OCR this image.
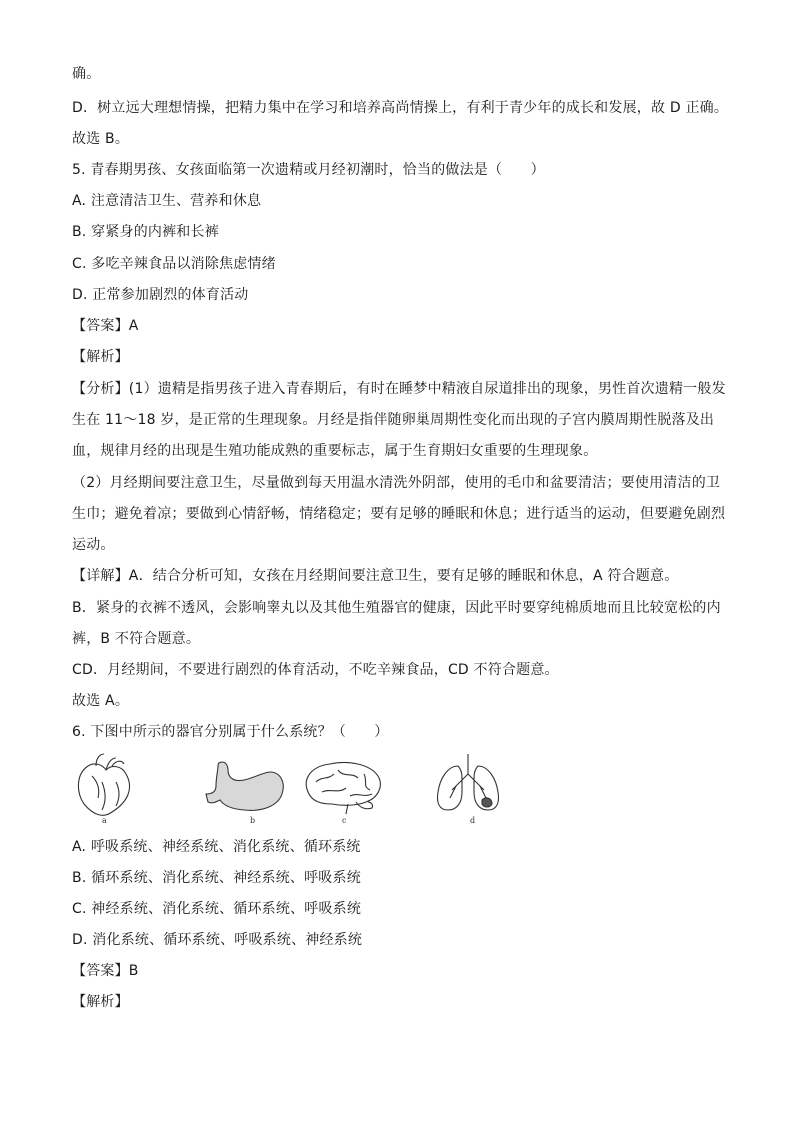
确。
D．树立远大理想情操，把精力集中在学习和培养高尚情操上，有利于青少年的成长和发展，故 D 正确。
故选 B。
5. 青春期男孩、女孩面临第一次遗精或月经初潮时，恰当的做法是（　　）
A. 注意清洁卫生、营养和休息
B. 穿紧身的内裤和长裤
C. 多吃辛辣食品以消除焦虑情绪
D. 正常参加剧烈的体育活动
【答案】A
【解析】
【分析】(1）遗精是指男孩子进入青春期后，有时在睡梦中精液自尿道排出的现象，男性首次遗精一般发
生在 11～18 岁，是正常的生理现象。月经是指伴随卵巢周期性变化而出现的子宫内膜周期性脱落及出
血，规律月经的出现是生殖功能成熟的重要标志，属于生育期妇女重要的生理现象。
（2）月经期间要注意卫生，尽量做到每天用温水清洗外阴部，使用的毛巾和盆要清洁；要使用清洁的卫
生巾；避免着凉；要做到心情舒畅，情绪稳定；要有足够的睡眠和休息；进行适当的运动，但要避免剧烈
运动。
【详解】A．结合分析可知，女孩在月经期间要注意卫生，要有足够的睡眠和休息，A 符合题意。
B．紧身的衣裤不透风，会影响睾丸以及其他生殖器官的健康，因此平时要穿纯棉质地而且比较宽松的内
裤，B 不符合题意。
CD．月经期间，不要进行剧烈的体育活动，不吃辛辣食品，CD 不符合题意。
故选 A。
6. 下图中所示的器官分别属于什么系统？（　　）
a	b	c	d
A. 呼吸系统、神经系统、消化系统、循环系统
B. 循环系统、消化系统、神经系统、呼吸系统
C. 神经系统、消化系统、循环系统、呼吸系统
D. 消化系统、循环系统、呼吸系统、神经系统
【答案】B
【解析】
